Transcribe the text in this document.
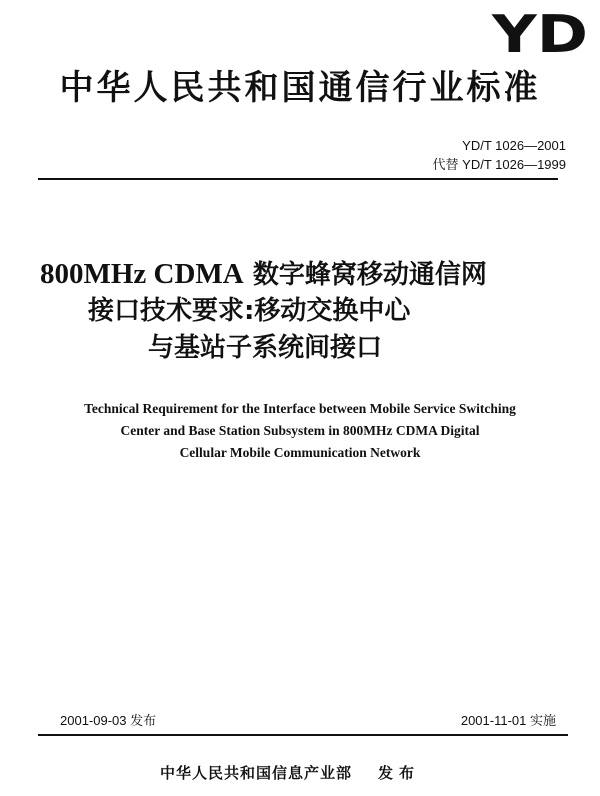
YD
中华人民共和国通信行业标准
YD/T 1026—2001
代替 YD/T 1026—1999
800MHz CDMA 数字蜂窝移动通信网
接口技术要求:移动交换中心
与基站子系统间接口
Technical Requirement for the Interface between Mobile Service Switching
Center and Base Station Subsystem in 800MHz CDMA Digital
Cellular Mobile Communication Network
2001-09-03 发布	2001-11-01 实施
中华人民共和国信息产业部 发布
